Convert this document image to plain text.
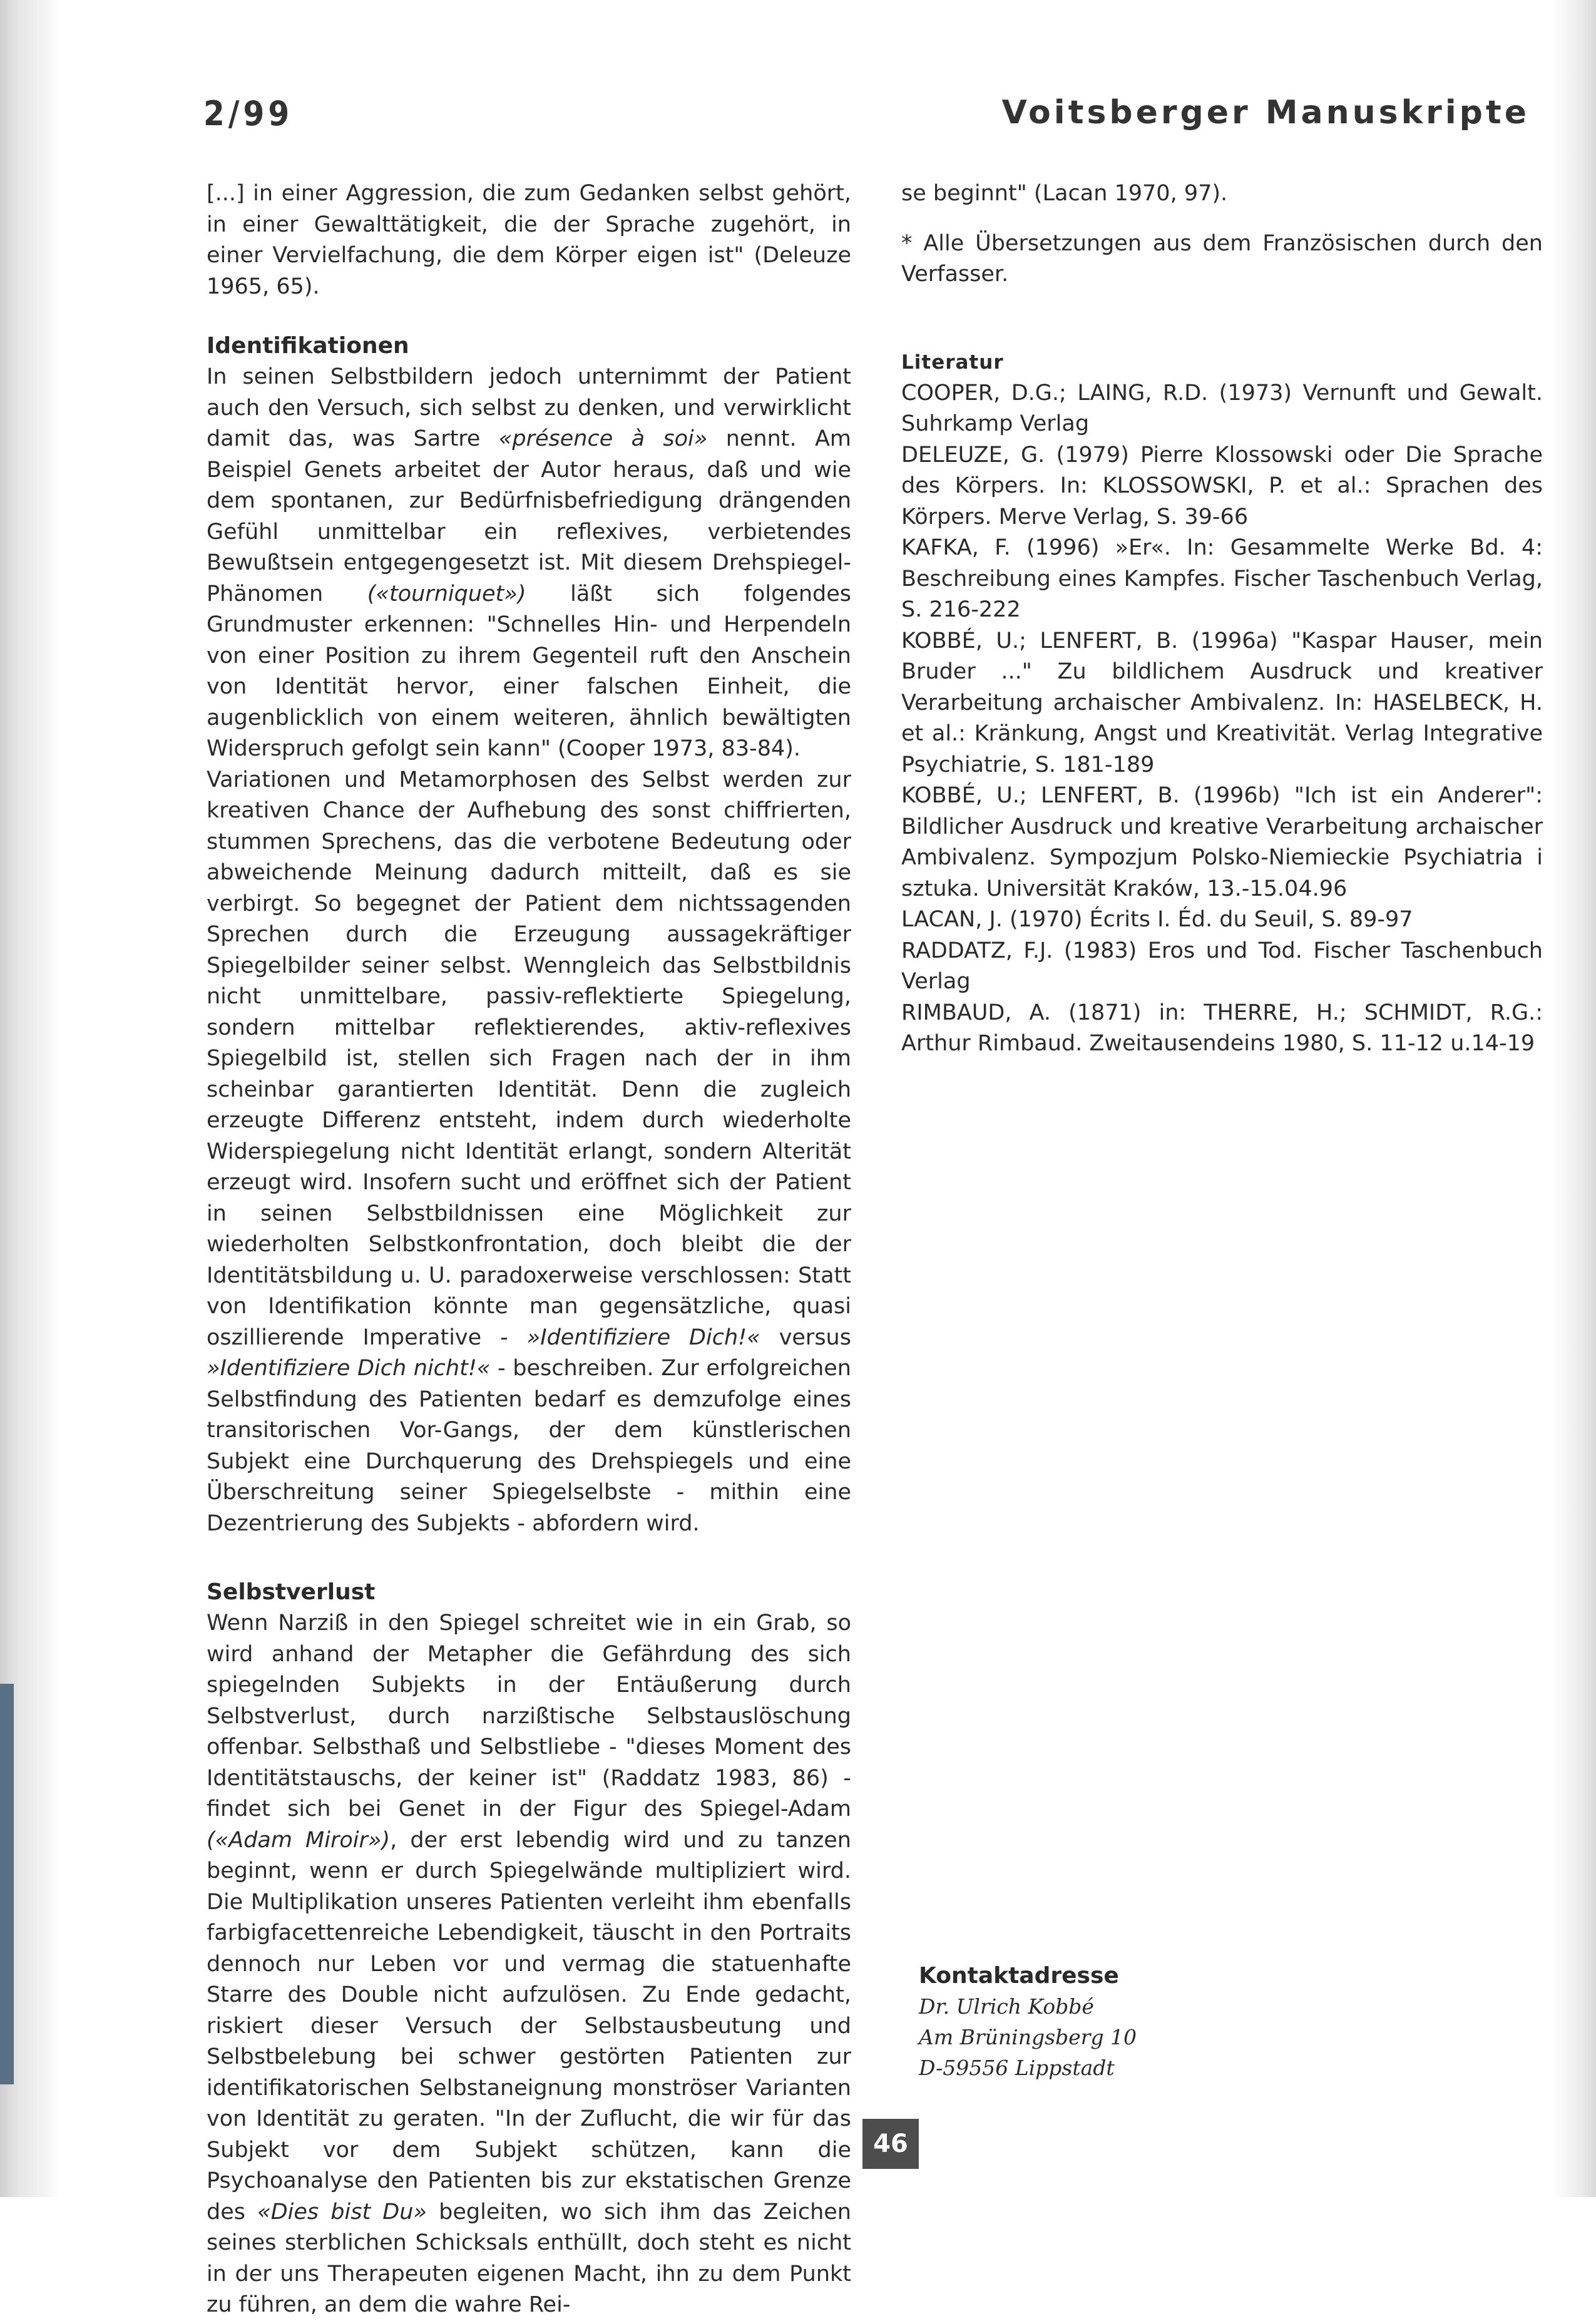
2/99	Voitsberger Manuskripte

[...] in einer Aggression, die zum Gedanken selbst gehört, in einer Gewalttätigkeit, die der Sprache zugehört, in einer Vervielfachung, die dem Körper eigen ist" (Deleuze 1965, 65).

Identifikationen

In seinen Selbstbildern jedoch unternimmt der Patient auch den Versuch, sich selbst zu denken, und verwirklicht damit das, was Sartre «présence à soi» nennt. Am Beispiel Genets arbeitet der Autor heraus, daß und wie dem spontanen, zur Bedürfnisbefriedigung drängenden Gefühl unmittelbar ein reflexives, verbietendes Bewußtsein entgegengesetzt ist. Mit diesem Drehspiegel-Phänomen («tourniquet») läßt sich folgendes Grundmuster erkennen: "Schnelles Hin- und Herpendeln von einer Position zu ihrem Gegenteil ruft den Anschein von Identität hervor, einer falschen Einheit, die augenblicklich von einem weiteren, ähnlich bewältigten Widerspruch gefolgt sein kann" (Cooper 1973, 83-84).

Variationen und Metamorphosen des Selbst werden zur kreativen Chance der Aufhebung des sonst chiffrierten, stummen Sprechens, das die verbotene Bedeutung oder abweichende Meinung dadurch mitteilt, daß es sie verbirgt. So begegnet der Patient dem nichtssagenden Sprechen durch die Erzeugung aussagekräftiger Spiegelbilder seiner selbst. Wenngleich das Selbstbildnis nicht unmittelbare, passiv-reflektierte Spiegelung, sondern mittelbar reflektierendes, aktiv-reflexives Spiegelbild ist, stellen sich Fragen nach der in ihm scheinbar garantierten Identität. Denn die zugleich erzeugte Differenz entsteht, indem durch wiederholte Widerspiegelung nicht Identität erlangt, sondern Alterität erzeugt wird. Insofern sucht und eröffnet sich der Patient in seinen Selbstbildnissen eine Möglichkeit zur wiederholten Selbstkonfrontation, doch bleibt die der Identitätsbildung u. U. paradoxerweise verschlossen: Statt von Identifikation könnte man gegensätzliche, quasi oszillierende Imperative - »Identifiziere Dich!« versus »Identifiziere Dich nicht!« - beschreiben. Zur erfolgreichen Selbstfindung des Patienten bedarf es demzufolge eines transitorischen Vor-Gangs, der dem künstlerischen Subjekt eine Durchquerung des Drehspiegels und eine Überschreitung seiner Spiegelselbste - mithin eine Dezentrierung des Subjekts - abfordern wird.

Selbstverlust

Wenn Narziß in den Spiegel schreitet wie in ein Grab, so wird anhand der Metapher die Gefährdung des sich spiegelnden Subjekts in der Entäußerung durch Selbstverlust, durch narzißtische Selbstauslöschung offenbar. Selbsthaß und Selbstliebe - "dieses Moment des Identitätstauschs, der keiner ist" (Raddatz 1983, 86) - findet sich bei Genet in der Figur des Spiegel-Adam («Adam Miroir»), der erst lebendig wird und zu tanzen beginnt, wenn er durch Spiegelwände multipliziert wird. Die Multiplikation unseres Patienten verleiht ihm ebenfalls farbigfacettenreiche Lebendigkeit, täuscht in den Portraits dennoch nur Leben vor und vermag die statuenhafte Starre des Double nicht aufzulösen. Zu Ende gedacht, riskiert dieser Versuch der Selbstausbeutung und Selbstbelebung bei schwer gestörten Patienten zur identifikatorischen Selbstaneignung monströser Varianten von Identität zu geraten. "In der Zuflucht, die wir für das Subjekt vor dem Subjekt schützen, kann die Psychoanalyse den Patienten bis zur ekstatischen Grenze des «Dies bist Du» begleiten, wo sich ihm das Zeichen seines sterblichen Schicksals enthüllt, doch steht es nicht in der uns Therapeuten eigenen Macht, ihn zu dem Punkt zu führen, an dem die wahre Rei-

se beginnt" (Lacan 1970, 97).

* Alle Übersetzungen aus dem Französischen durch den Verfasser.

Literatur

COOPER, D.G.; LAING, R.D. (1973) Vernunft und Gewalt. Suhrkamp Verlag

DELEUZE, G. (1979) Pierre Klossowski oder Die Sprache des Körpers. In: KLOSSOWSKI, P. et al.: Sprachen des Körpers. Merve Verlag, S. 39-66

KAFKA, F. (1996) »Er«. In: Gesammelte Werke Bd. 4: Beschreibung eines Kampfes. Fischer Taschenbuch Verlag, S. 216-222

KOBBÉ, U.; LENFERT, B. (1996a) "Kaspar Hauser, mein Bruder ..." Zu bildlichem Ausdruck und kreativer Verarbeitung archaischer Ambivalenz. In: HASELBECK, H. et al.: Kränkung, Angst und Kreativität. Verlag Integrative Psychiatrie, S. 181-189

KOBBÉ, U.; LENFERT, B. (1996b) "Ich ist ein Anderer": Bildlicher Ausdruck und kreative Verarbeitung archaischer Ambivalenz. Sympozjum Polsko-Niemieckie Psychiatria i sztuka. Universität Kraków, 13.-15.04.96

LACAN, J. (1970) Écrits I. Éd. du Seuil, S. 89-97

RADDATZ, F.J. (1983) Eros und Tod. Fischer Taschenbuch Verlag

RIMBAUD, A. (1871) in: THERRE, H.; SCHMIDT, R.G.: Arthur Rimbaud. Zweitausendeins 1980, S. 11-12 u.14-19

Kontaktadresse
Dr. Ulrich Kobbé
Am Brüningsberg 10
D-59556 Lippstadt
46
